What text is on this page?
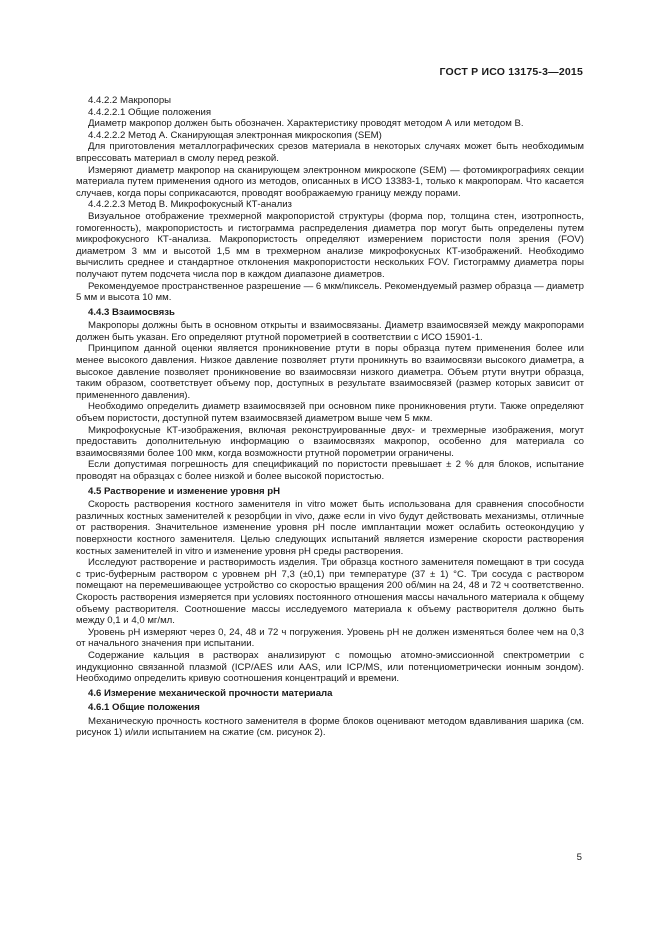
ГОСТ Р ИСО 13175-3—2015

4.4.2.2 Макропоры

4.4.2.2.1 Общие положения

Диаметр макропор должен быть обозначен. Характеристику проводят методом А или методом В.

4.4.2.2.2 Метод А. Сканирующая электронная микроскопия (SEM)

Для приготовления металлографических срезов материала в некоторых случаях может быть необходимым впрессовать материал в смолу перед резкой.

Измеряют диаметр макропор на сканирующем электронном микроскопе (SEM) — фотомикрографиях секции материала путем применения одного из методов, описанных в ИСО 13383-1, только к макропорам. Что касается случаев, когда поры соприкасаются, проводят воображаемую границу между порами.

4.4.2.2.3 Метод В. Микрофокусный КТ-анализ

Визуальное отображение трехмерной макропористой структуры (форма пор, толщина стен, изотропность, гомогенность), макропористость и гистограмма распределения диаметра пор могут быть определены путем микрофокусного КТ-анализа. Макропористость определяют измерением пористости поля зрения (FOV) диаметром 3 мм и высотой 1,5 мм в трехмерном анализе микрофокусных КТ-изображений. Необходимо вычислить среднее и стандартное отклонения макропористости нескольких FOV. Гистограмму диаметра поры получают путем подсчета числа пор в каждом диапазоне диаметров.

Рекомендуемое пространственное разрешение — 6 мкм/пиксель. Рекомендуемый размер образца — диаметр 5 мм и высота 10 мм.

4.4.3 Взаимосвязь

Макропоры должны быть в основном открыты и взаимосвязаны. Диаметр взаимосвязей между макропорами должен быть указан. Его определяют ртутной порометрией в соответствии с ИСО 15901-1.

Принципом данной оценки является проникновение ртути в поры образца путем применения более или менее высокого давления. Низкое давление позволяет ртути проникнуть во взаимосвязи высокого диаметра, а высокое давление позволяет проникновение во взаимосвязи низкого диаметра. Объем ртути внутри образца, таким образом, соответствует объему пор, доступных в результате взаимосвязей (размер которых зависит от примененного давления).

Необходимо определить диаметр взаимосвязей при основном пике проникновения ртути. Также определяют объем пористости, доступной путем взаимосвязей диаметром выше чем 5 мкм.

Микрофокусные КТ-изображения, включая реконструированные двух- и трехмерные изображения, могут предоставить дополнительную информацию о взаимосвязях макропор, особенно для материала со взаимосвязями более 100 мкм, когда возможности ртутной порометрии ограничены.

Если допустимая погрешность для спецификаций по пористости превышает ± 2 % для блоков, испытание проводят на образцах с более низкой и более высокой пористостью.

4.5 Растворение и изменение уровня pH

Скорость растворения костного заменителя in vitro может быть использована для сравнения способности различных костных заменителей к резорбции in vivo, даже если in vivo будут действовать механизмы, отличные от растворения. Значительное изменение уровня pH после имплантации может ослабить остеокондуцию у поверхности костного заменителя. Целью следующих испытаний является измерение скорости растворения костных заменителей in vitro и изменение уровня pH среды растворения.

Исследуют растворение и растворимость изделия. Три образца костного заменителя помещают в три сосуда с трис-буферным раствором с уровнем pH 7,3 (±0,1) при температуре (37 ± 1) °С. Три сосуда с раствором помещают на перемешивающее устройство со скоростью вращения 200 об/мин на 24, 48 и 72 ч соответственно. Скорость растворения измеряется при условиях постоянного отношения массы начального материала к общему объему растворителя. Соотношение массы исследуемого материала к объему растворителя должно быть между 0,1 и 4,0 мг/мл.

Уровень pH измеряют через 0, 24, 48 и 72 ч погружения. Уровень pH не должен изменяться более чем на 0,3 от начального значения при испытании.

Содержание кальция в растворах анализируют с помощью атомно-эмиссионной спектрометрии с индукционно связанной плазмой (ICP/AES или AAS, или ICP/MS, или потенциометрически ионным зондом). Необходимо определить кривую соотношения концентраций и времени.

4.6 Измерение механической прочности материала

4.6.1 Общие положения

Механическую прочность костного заменителя в форме блоков оценивают методом вдавливания шарика (см. рисунок 1) и/или испытанием на сжатие (см. рисунок 2).

5
